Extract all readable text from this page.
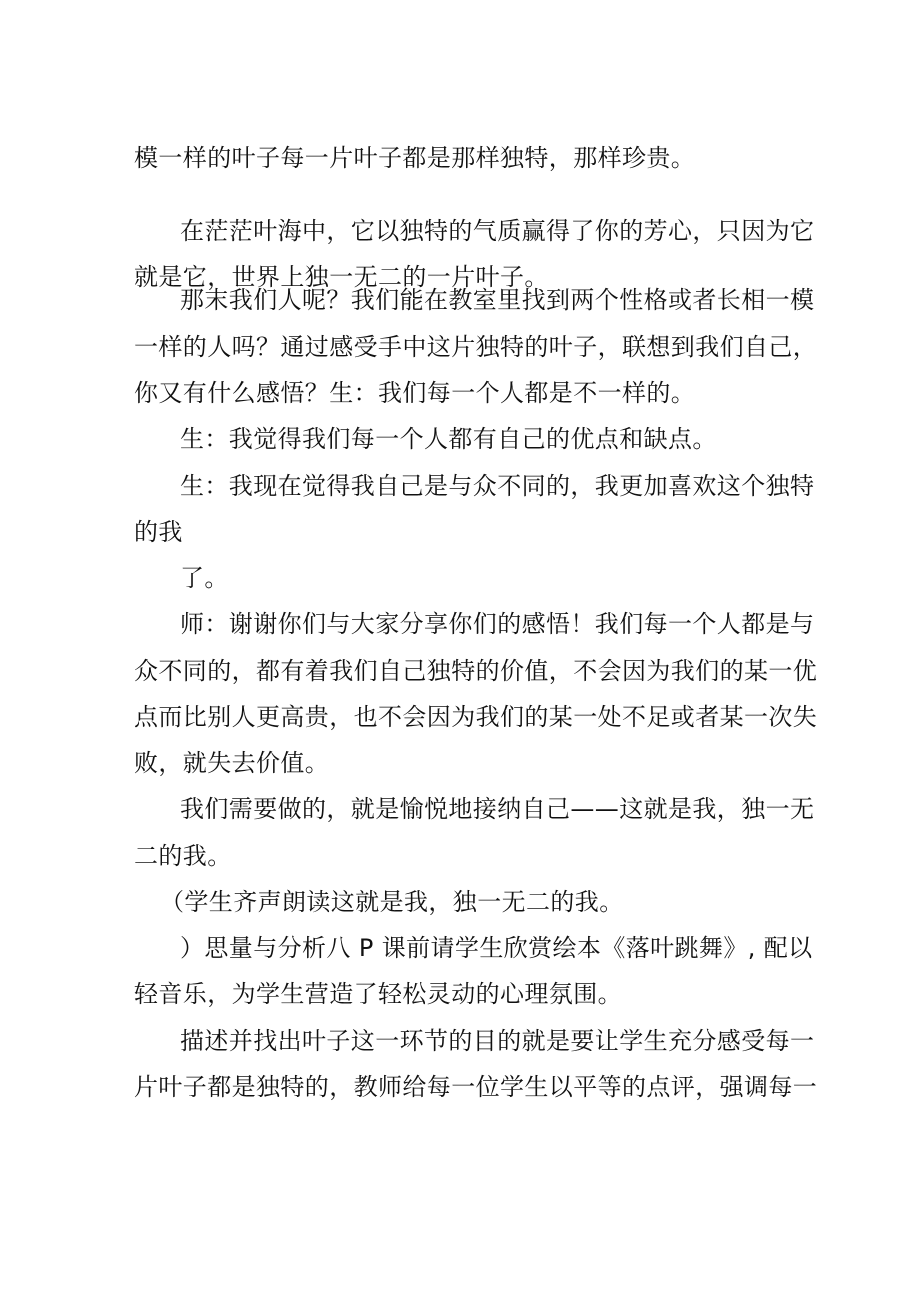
模一样的叶子每一片叶子都是那样独特，那样珍贵。
在茫茫叶海中，它以独特的气质赢得了你的芳心，只因为它
就是它，世界上独一无二的一片叶子。
那末我们人呢？我们能在教室里找到两个性格或者长相一模
一样的人吗？通过感受手中这片独特的叶子，联想到我们自己，
你又有什么感悟？生：我们每一个人都是不一样的。
生：我觉得我们每一个人都有自己的优点和缺点。
生：我现在觉得我自己是与众不同的，我更加喜欢这个独特
的我
了。
师：谢谢你们与大家分享你们的感悟！我们每一个人都是与
众不同的，都有着我们自己独特的价值，不会因为我们的某一优
点而比别人更高贵，也不会因为我们的某一处不足或者某一次失
败，就失去价值。
我们需要做的，就是愉悦地接纳自己——这就是我，独一无
二的我。
（学生齐声朗读这就是我，独一无二的我。
）思量与分析八 P 课前请学生欣赏绘本《落叶跳舞》, 配以
轻音乐，为学生营造了轻松灵动的心理氛围。
描述并找出叶子这一环节的目的就是要让学生充分感受每一
片叶子都是独特的，教师给每一位学生以平等的点评，强调每一
